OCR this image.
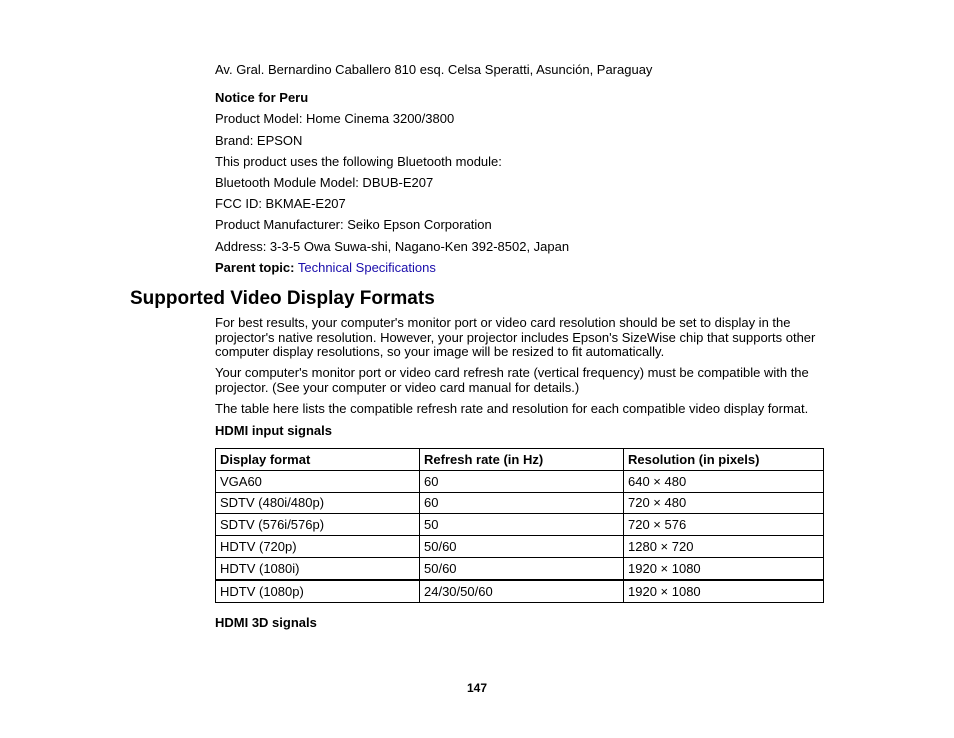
Av. Gral. Bernardino Caballero 810 esq. Celsa Speratti, Asunción, Paraguay
Notice for Peru
Product Model: Home Cinema 3200/3800
Brand: EPSON
This product uses the following Bluetooth module:
Bluetooth Module Model: DBUB-E207
FCC ID: BKMAE-E207
Product Manufacturer: Seiko Epson Corporation
Address: 3-3-5 Owa Suwa-shi, Nagano-Ken 392-8502, Japan
Parent topic: Technical Specifications
Supported Video Display Formats
For best results, your computer's monitor port or video card resolution should be set to display in the projector's native resolution. However, your projector includes Epson's SizeWise chip that supports other computer display resolutions, so your image will be resized to fit automatically.
Your computer's monitor port or video card refresh rate (vertical frequency) must be compatible with the projector. (See your computer or video card manual for details.)
The table here lists the compatible refresh rate and resolution for each compatible video display format.
HDMI input signals
Display format	Refresh rate (in Hz)	Resolution (in pixels)
VGA60	60	640 × 480
SDTV (480i/480p)	60	720 × 480
SDTV (576i/576p)	50	720 × 576
HDTV (720p)	50/60	1280 × 720
HDTV (1080i)	50/60	1920 × 1080
HDTV (1080p)	24/30/50/60	1920 × 1080
HDMI 3D signals
147
